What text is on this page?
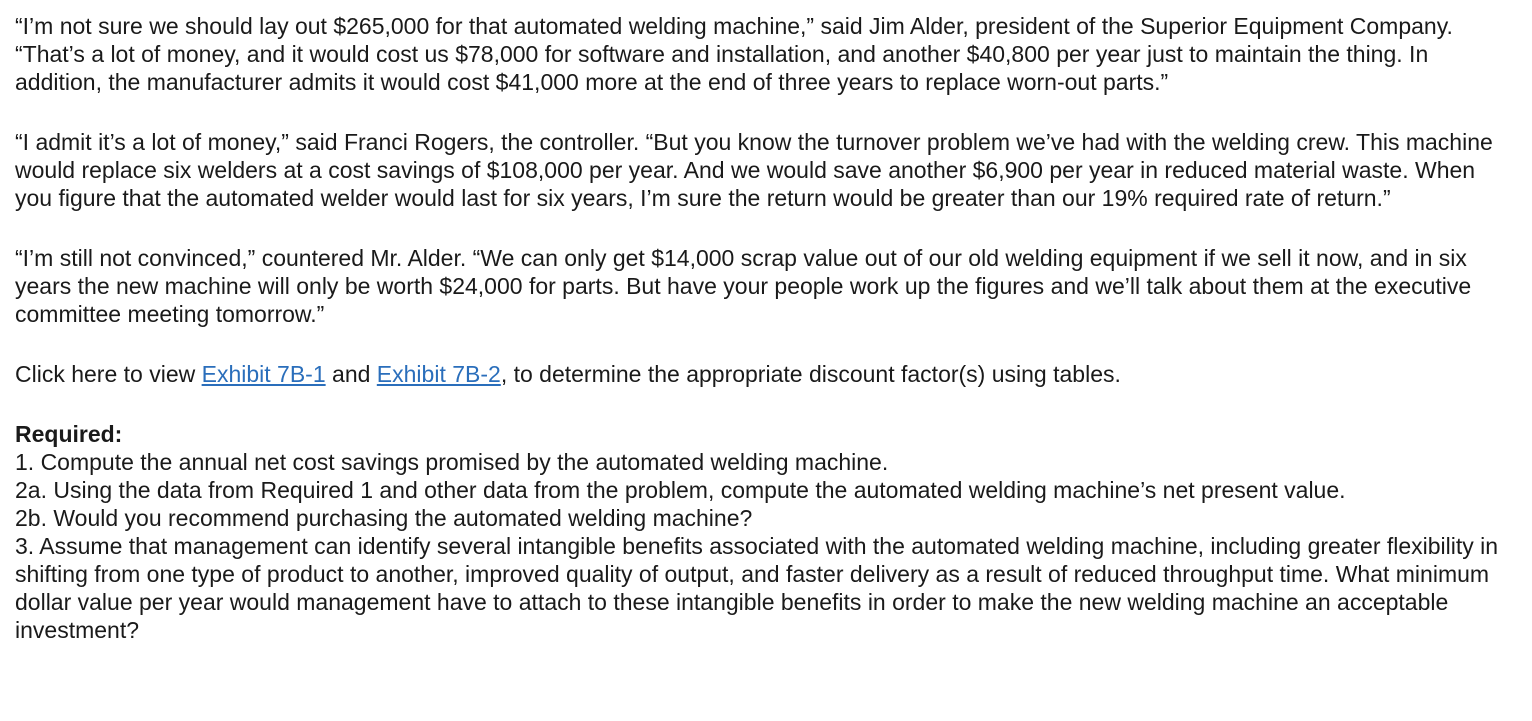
“I’m not sure we should lay out $265,000 for that automated welding machine,” said Jim Alder, president of the Superior Equipment Company. “That’s a lot of money, and it would cost us $78,000 for software and installation, and another $40,800 per year just to maintain the thing. In addition, the manufacturer admits it would cost $41,000 more at the end of three years to replace worn-out parts.”

“I admit it’s a lot of money,” said Franci Rogers, the controller. “But you know the turnover problem we’ve had with the welding crew. This machine would replace six welders at a cost savings of $108,000 per year. And we would save another $6,900 per year in reduced material waste. When you figure that the automated welder would last for six years, I’m sure the return would be greater than our 19% required rate of return.”

“I’m still not convinced,” countered Mr. Alder. “We can only get $14,000 scrap value out of our old welding equipment if we sell it now, and in six years the new machine will only be worth $24,000 for parts. But have your people work up the figures and we’ll talk about them at the executive committee meeting tomorrow.”

Click here to view Exhibit 7B-1 and Exhibit 7B-2, to determine the appropriate discount factor(s) using tables.

Required:
1. Compute the annual net cost savings promised by the automated welding machine.
2a. Using the data from Required 1 and other data from the problem, compute the automated welding machine’s net present value.
2b. Would you recommend purchasing the automated welding machine?
3. Assume that management can identify several intangible benefits associated with the automated welding machine, including greater flexibility in shifting from one type of product to another, improved quality of output, and faster delivery as a result of reduced throughput time. What minimum dollar value per year would management have to attach to these intangible benefits in order to make the new welding machine an acceptable investment?
